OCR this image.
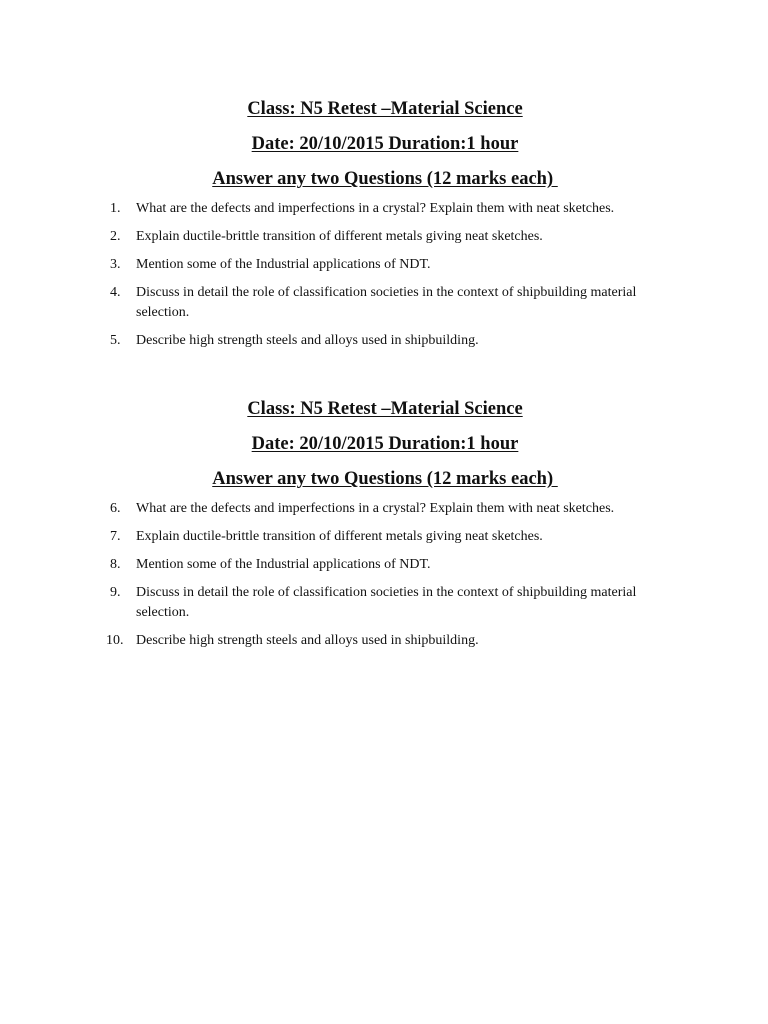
Class: N5 Retest –Material Science
Date: 20/10/2015 Duration:1 hour
Answer any two Questions (12 marks each)
1. What are the defects and imperfections in a crystal? Explain them with neat sketches.
2. Explain ductile-brittle transition of different metals giving neat sketches.
3. Mention some of the Industrial applications of NDT.
4. Discuss in detail the role of classification societies in the context of shipbuilding material selection.
5. Describe high strength steels and alloys used in shipbuilding.
Class: N5 Retest –Material Science
Date: 20/10/2015 Duration:1 hour
Answer any two Questions (12 marks each)
6. What are the defects and imperfections in a crystal? Explain them with neat sketches.
7. Explain ductile-brittle transition of different metals giving neat sketches.
8. Mention some of the Industrial applications of NDT.
9. Discuss in detail the role of classification societies in the context of shipbuilding material selection.
10. Describe high strength steels and alloys used in shipbuilding.
